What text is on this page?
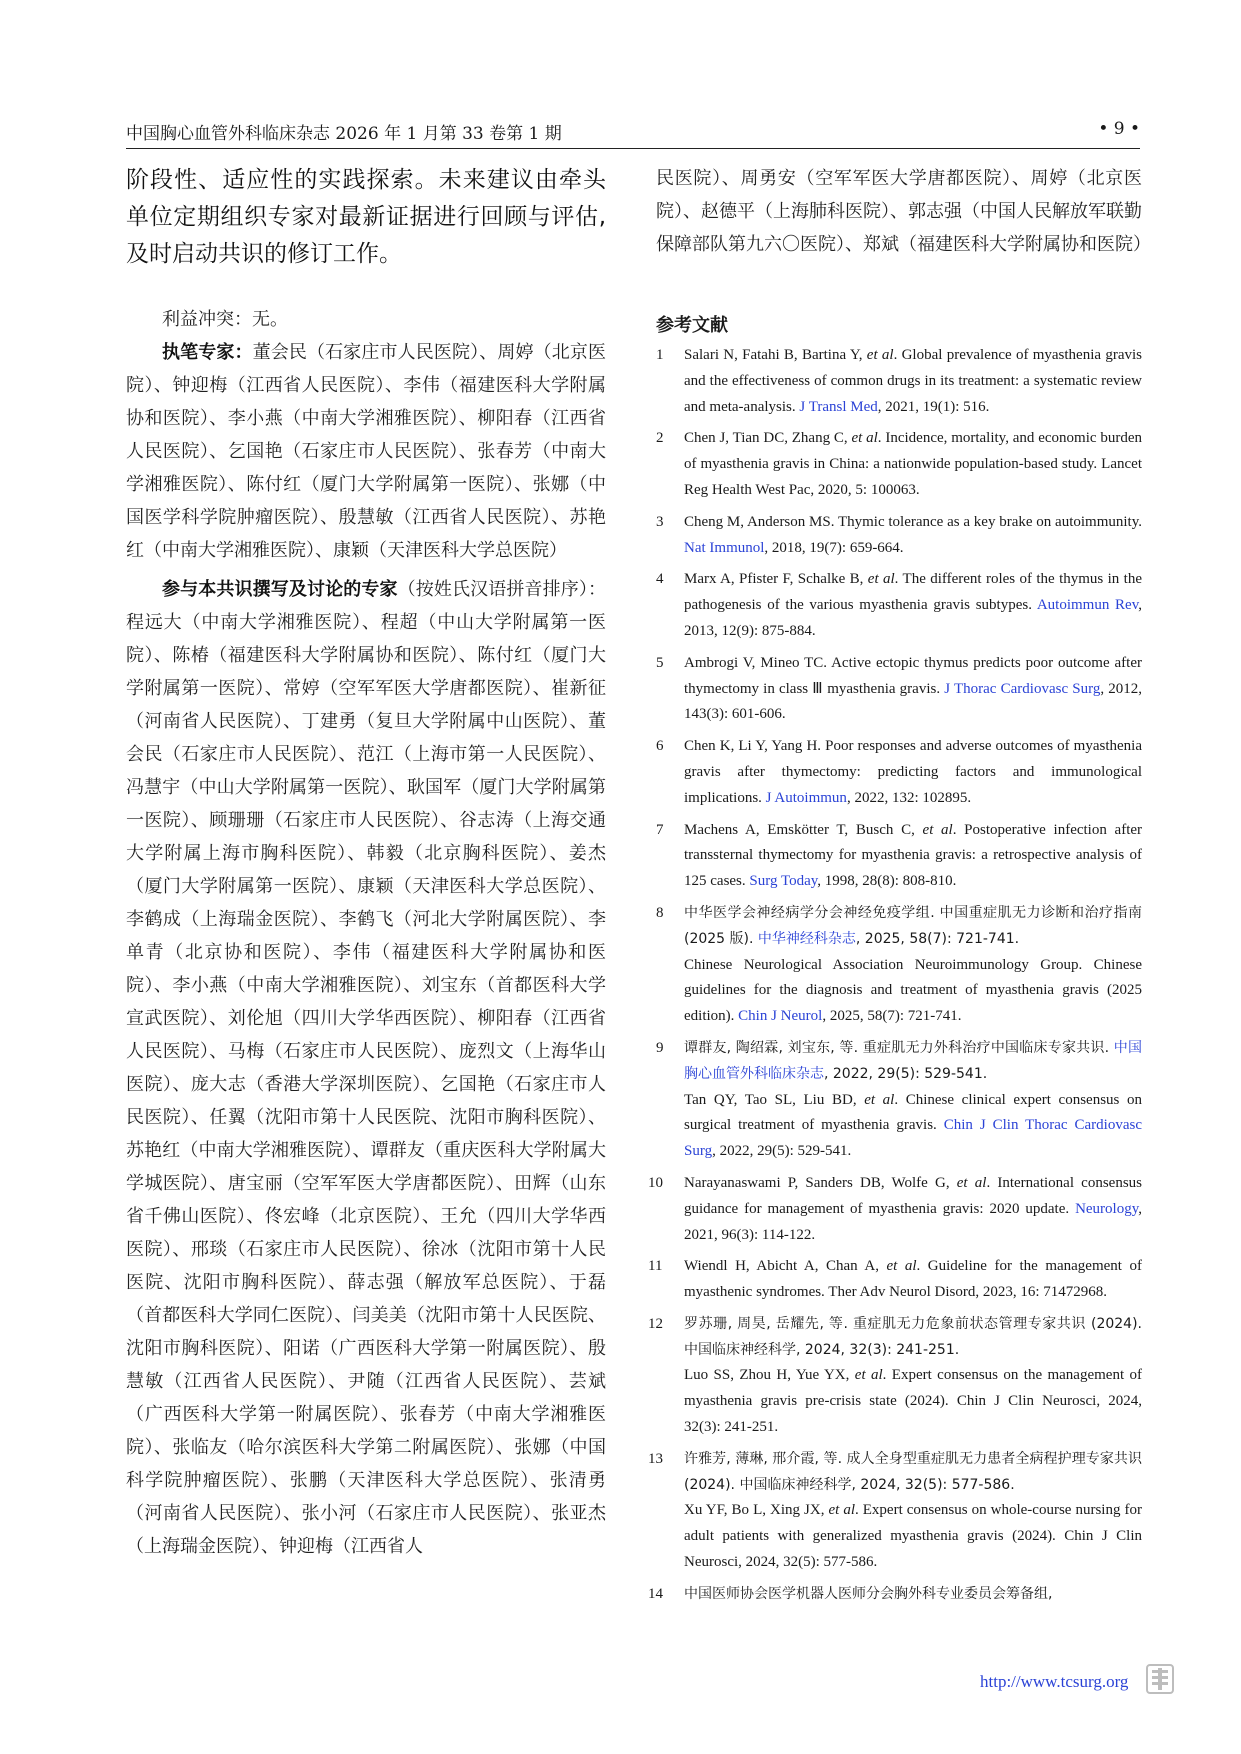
中国胸心血管外科临床杂志 2026 年 1 月第 33 卷第 1 期	• 9 •

阶段性、适应性的实践探索。未来建议由牵头单位定期组织专家对最新证据进行回顾与评估, 及时启动共识的修订工作。

利益冲突：无。

执笔专家：董会民（石家庄市人民医院）、周婷（北京医院）、钟迎梅（江西省人民医院）、李伟（福建医科大学附属协和医院）、李小燕（中南大学湘雅医院）、柳阳春（江西省人民医院）、乞国艳（石家庄市人民医院）、张春芳（中南大学湘雅医院）、陈付红（厦门大学附属第一医院）、张娜（中国医学科学院肿瘤医院）、殷慧敏（江西省人民医院）、苏艳红（中南大学湘雅医院）、康颖（天津医科大学总医院）

参与本共识撰写及讨论的专家（按姓氏汉语拼音排序）：程远大（中南大学湘雅医院）、程超（中山大学附属第一医院）、陈椿（福建医科大学附属协和医院）、陈付红（厦门大学附属第一医院）、常婷（空军军医大学唐都医院）、崔新征（河南省人民医院）、丁建勇（复旦大学附属中山医院）、董会民（石家庄市人民医院）、范江（上海市第一人民医院）、冯慧宇（中山大学附属第一医院）、耿国军（厦门大学附属第一医院）、顾珊珊（石家庄市人民医院）、谷志涛（上海交通大学附属上海市胸科医院）、韩毅（北京胸科医院）、姜杰（厦门大学附属第一医院）、康颖（天津医科大学总医院）、李鹤成（上海瑞金医院）、李鹤飞（河北大学附属医院）、李单青（北京协和医院）、李伟（福建医科大学附属协和医院）、李小燕（中南大学湘雅医院）、刘宝东（首都医科大学宣武医院）、刘伦旭（四川大学华西医院）、柳阳春（江西省人民医院）、马梅（石家庄市人民医院）、庞烈文（上海华山医院）、庞大志（香港大学深圳医院）、乞国艳（石家庄市人民医院）、任翼（沈阳市第十人民医院、沈阳市胸科医院）、苏艳红（中南大学湘雅医院）、谭群友（重庆医科大学附属大学城医院）、唐宝丽（空军军医大学唐都医院）、田辉（山东省千佛山医院）、佟宏峰（北京医院）、王允（四川大学华西医院）、邢琰（石家庄市人民医院）、徐冰（沈阳市第十人民医院、沈阳市胸科医院）、薛志强（解放军总医院）、于磊（首都医科大学同仁医院）、闫美美（沈阳市第十人民医院、沈阳市胸科医院）、阳诺（广西医科大学第一附属医院）、殷慧敏（江西省人民医院）、尹随（江西省人民医院）、芸斌（广西医科大学第一附属医院）、张春芳（中南大学湘雅医院）、张临友（哈尔滨医科大学第二附属医院）、张娜（中国科学院肿瘤医院）、张鹏（天津医科大学总医院）、张清勇（河南省人民医院）、张小河（石家庄市人民医院）、张亚杰（上海瑞金医院）、钟迎梅（江西省人

民医院）、周勇安（空军军医大学唐都医院）、周婷（北京医院）、赵德平（上海肺科医院）、郭志强（中国人民解放军联勤保障部队第九六〇医院）、郑斌（福建医科大学附属协和医院）

参考文献
1	Salari N, Fatahi B, Bartina Y, et al. Global prevalence of myasthenia gravis and the effectiveness of common drugs in its treatment: a systematic review and meta-analysis. J Transl Med, 2021, 19(1): 516.
2	Chen J, Tian DC, Zhang C, et al. Incidence, mortality, and economic burden of myasthenia gravis in China: a nationwide population-based study. Lancet Reg Health West Pac, 2020, 5: 100063.
3	Cheng M, Anderson MS. Thymic tolerance as a key brake on autoimmunity. Nat Immunol, 2018, 19(7): 659-664.
4	Marx A, Pfister F, Schalke B, et al. The different roles of the thymus in the pathogenesis of the various myasthenia gravis subtypes. Autoimmun Rev, 2013, 12(9): 875-884.
5	Ambrogi V, Mineo TC. Active ectopic thymus predicts poor outcome after thymectomy in class Ⅲ myasthenia gravis. J Thorac Cardiovasc Surg, 2012, 143(3): 601-606.
6	Chen K, Li Y, Yang H. Poor responses and adverse outcomes of myasthenia gravis after thymectomy: predicting factors and immunological implications. J Autoimmun, 2022, 132: 102895.
7	Machens A, Emskötter T, Busch C, et al. Postoperative infection after transsternal thymectomy for myasthenia gravis: a retrospective analysis of 125 cases. Surg Today, 1998, 28(8): 808-810.
8	中华医学会神经病学分会神经免疫学组. 中国重症肌无力诊断和治疗指南 (2025 版). 中华神经科杂志, 2025, 58(7): 721-741.
Chinese Neurological Association Neuroimmunology Group. Chinese guidelines for the diagnosis and treatment of myasthenia gravis (2025 edition). Chin J Neurol, 2025, 58(7): 721-741.
9	谭群友, 陶绍霖, 刘宝东, 等. 重症肌无力外科治疗中国临床专家共识. 中国胸心血管外科临床杂志, 2022, 29(5): 529-541.
Tan QY, Tao SL, Liu BD, et al. Chinese clinical expert consensus on surgical treatment of myasthenia gravis. Chin J Clin Thorac Cardiovasc Surg, 2022, 29(5): 529-541.
10	Narayanaswami P, Sanders DB, Wolfe G, et al. International consensus guidance for management of myasthenia gravis: 2020 update. Neurology, 2021, 96(3): 114-122.
11	Wiendl H, Abicht A, Chan A, et al. Guideline for the management of myasthenic syndromes. Ther Adv Neurol Disord, 2023, 16: 71472968.
12	罗苏珊, 周昊, 岳耀先, 等. 重症肌无力危象前状态管理专家共识 (2024). 中国临床神经科学, 2024, 32(3): 241-251.
Luo SS, Zhou H, Yue YX, et al. Expert consensus on the management of myasthenia gravis pre-crisis state (2024). Chin J Clin Neurosci, 2024, 32(3): 241-251.
13	许雅芳, 薄琳, 邢介霞, 等. 成人全身型重症肌无力患者全病程护理专家共识 (2024). 中国临床神经科学, 2024, 32(5): 577-586.
Xu YF, Bo L, Xing JX, et al. Expert consensus on whole-course nursing for adult patients with generalized myasthenia gravis (2024). Chin J Clin Neurosci, 2024, 32(5): 577-586.
14	中国医师协会医学机器人医师分会胸外科专业委员会筹备组,
http://www.tcsurg.org
